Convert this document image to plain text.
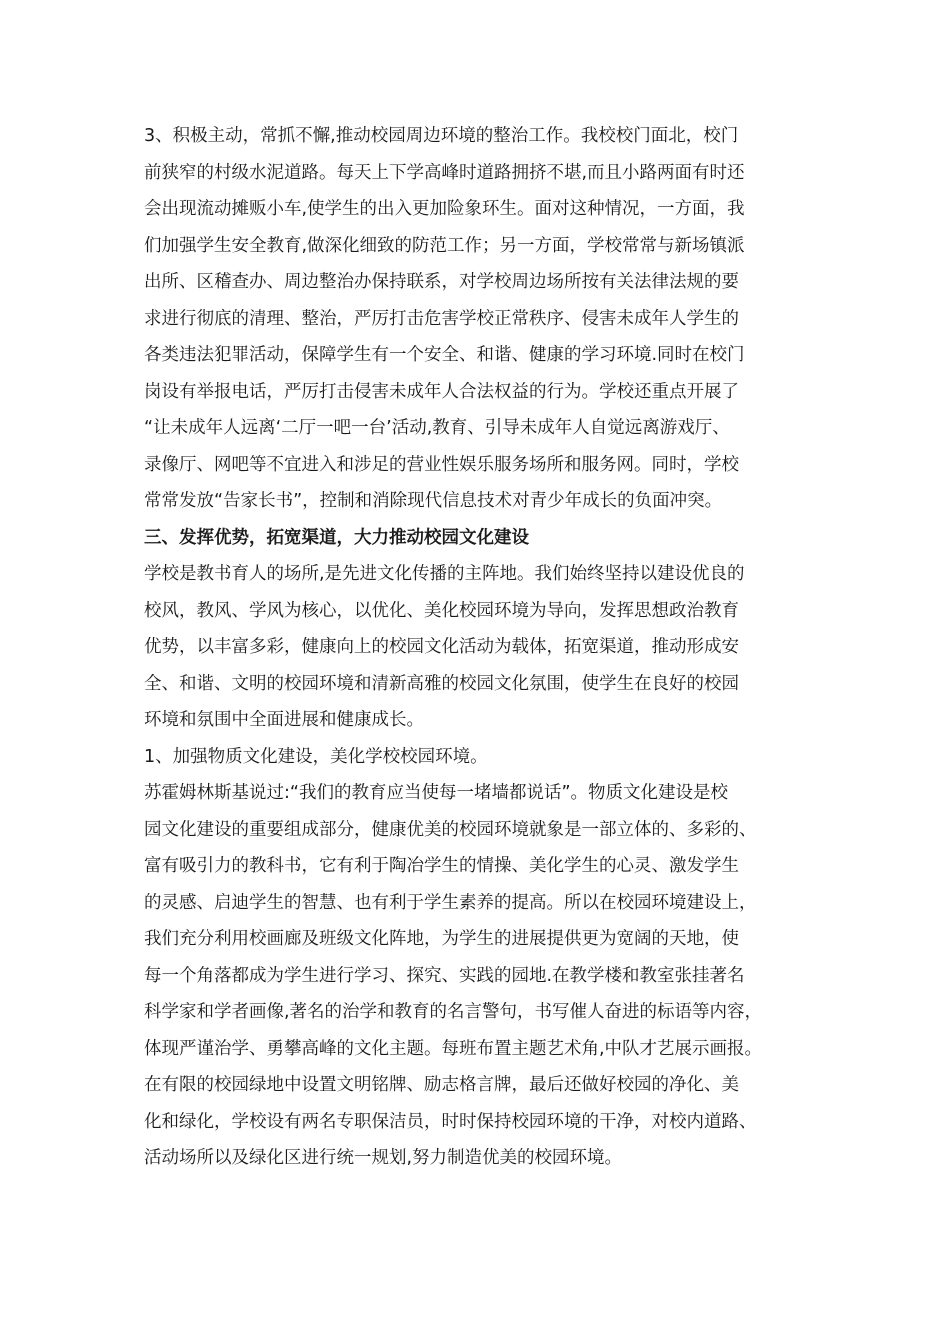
3、积极主动，常抓不懈,推动校园周边环境的整治工作。我校校门面北，校门
前狭窄的村级水泥道路。每天上下学高峰时道路拥挤不堪,而且小路两面有时还
会出现流动摊贩小车,使学生的出入更加险象环生。面对这种情况，一方面，我
们加强学生安全教育,做深化细致的防范工作；另一方面，学校常常与新场镇派
出所、区稽查办、周边整治办保持联系，对学校周边场所按有关法律法规的要
求进行彻底的清理、整治，严厉打击危害学校正常秩序、侵害未成年人学生的
各类违法犯罪活动，保障学生有一个安全、和谐、健康的学习环境.同时在校门
岗设有举报电话，严厉打击侵害未成年人合法权益的行为。学校还重点开展了
“让未成年人远离‘二厅一吧一台’活动,教育、引导未成年人自觉远离游戏厅、
录像厅、网吧等不宜进入和涉足的营业性娱乐服务场所和服务网。同时，学校
常常发放“告家长书”，控制和消除现代信息技术对青少年成长的负面冲突。
三、发挥优势，拓宽渠道，大力推动校园文化建设
学校是教书育人的场所,是先进文化传播的主阵地。我们始终坚持以建设优良的
校风，教风、学风为核心，以优化、美化校园环境为导向，发挥思想政治教育
优势，以丰富多彩，健康向上的校园文化活动为载体，拓宽渠道，推动形成安
全、和谐、文明的校园环境和清新高雅的校园文化氛围，使学生在良好的校园
环境和氛围中全面进展和健康成长。
1、加强物质文化建设，美化学校校园环境。
苏霍姆林斯基说过:“我们的教育应当使每一堵墙都说话”。物质文化建设是校
园文化建设的重要组成部分，健康优美的校园环境就象是一部立体的、多彩的、
富有吸引力的教科书，它有利于陶冶学生的情操、美化学生的心灵、激发学生
的灵感、启迪学生的智慧、也有利于学生素养的提高。所以在校园环境建设上，
我们充分利用校画廊及班级文化阵地，为学生的进展提供更为宽阔的天地，使
每一个角落都成为学生进行学习、探究、实践的园地.在教学楼和教室张挂著名
科学家和学者画像,著名的治学和教育的名言警句，书写催人奋进的标语等内容，
体现严谨治学、勇攀高峰的文化主题。每班布置主题艺术角,中队才艺展示画报。
在有限的校园绿地中设置文明铭牌、励志格言牌，最后还做好校园的净化、美
化和绿化，学校设有两名专职保洁员，时时保持校园环境的干净，对校内道路、
活动场所以及绿化区进行统一规划,努力制造优美的校园环境。
